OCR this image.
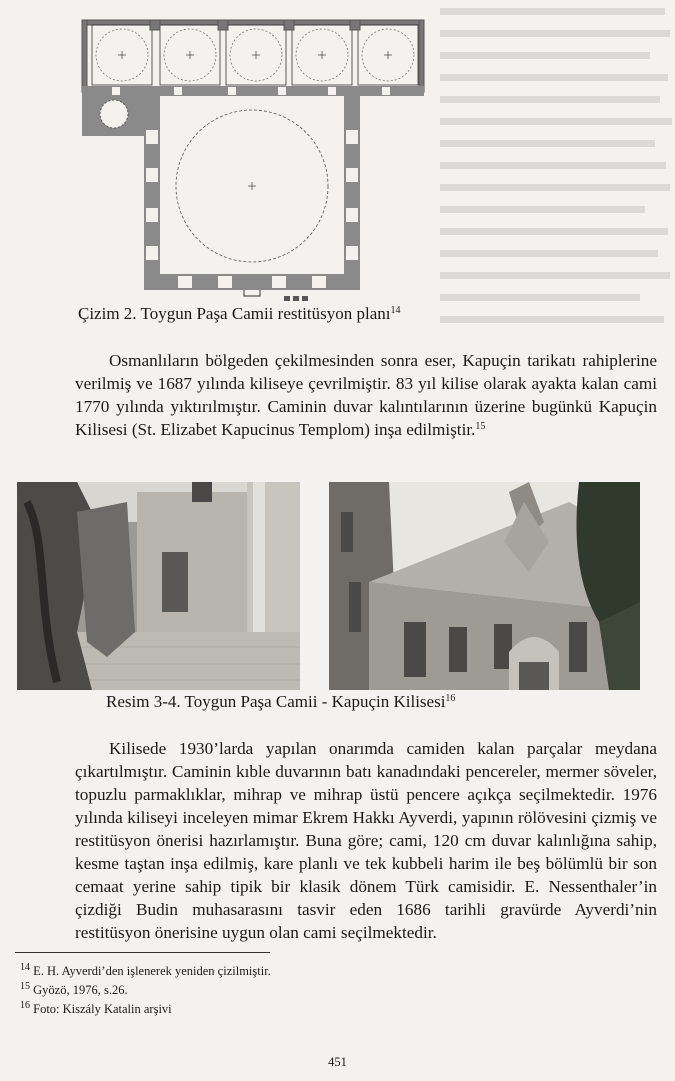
Çizim 2. Toygun Paşa Camii restitüsyon planı$^{14}$

Osmanlıların bölgeden çekilmesinden sonra eser, Kapuçin tarikatı rahiplerine verilmiş ve 1687 yılında kiliseye çevrilmiştir. 83 yıl kilise olarak ayakta kalan cami 1770 yılında yıktırılmıştır. Caminin duvar kalıntılarının üzerine bugünkü Kapuçin Kilisesi (St. Elizabet Kapucinus Templom) inşa edilmiştir.$^{15}$

Resim 3-4. Toygun Paşa Camii - Kapuçin Kilisesi$^{16}$

Kilisede 1930’larda yapılan onarımda camiden kalan parçalar meydana çıkartılmıştır. Caminin kıble duvarının batı kanadındaki pencereler, mermer söveler, topuzlu parmaklıklar, mihrap ve mihrap üstü pencere açıkça seçilmektedir. 1976 yılında kiliseyi inceleyen mimar Ekrem Hakkı Ayverdi, yapının rölövesini çizmiş ve restitüsyon önerisi hazırlamıştır. Buna göre; cami, 120 cm duvar kalınlığına sahip, kesme taştan inşa edilmiş, kare planlı ve tek kubbeli harim ile beş bölümlü bir son cemaat yerine sahip tipik bir klasik dönem Türk camisidir. E. Nessenthaler’in çizdiği Budin muhasarasını tasvir eden 1686 tarihli gravürde Ayverdi’nin restitüsyon önerisine uygun olan cami seçilmektedir.

$^{14}$ E. H. Ayverdi’den işlenerek yeniden çizilmiştir.
$^{15}$ Gyözö, 1976, s.26.
$^{16}$ Foto: Kiszály Katalin arşivi
451
